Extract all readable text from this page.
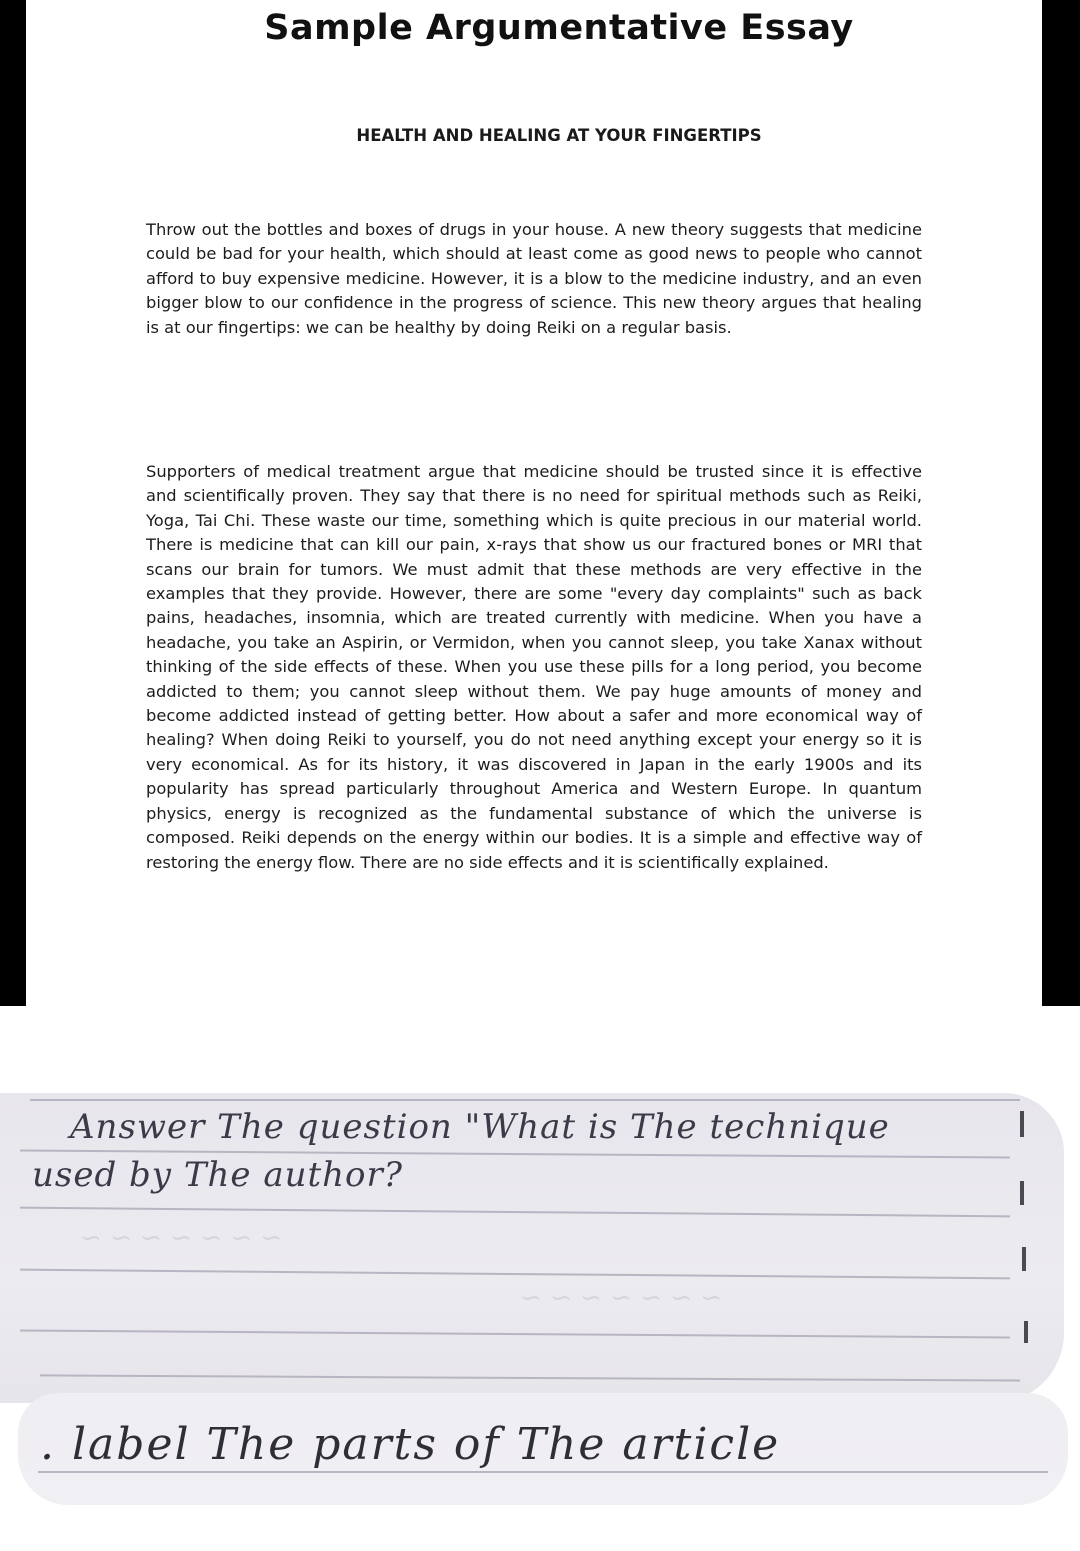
Sample Argumentative Essay
HEALTH AND HEALING AT YOUR FINGERTIPS

Throw out the bottles and boxes of drugs in your house. A new theory suggests that medicine could be bad for your health, which should at least come as good news to people who cannot afford to buy expensive medicine. However, it is a blow to the medicine industry, and an even bigger blow to our confidence in the progress of science. This new theory argues that healing is at our fingertips: we can be healthy by doing Reiki on a regular basis.

Supporters of medical treatment argue that medicine should be trusted since it is effective and scientifically proven. They say that there is no need for spiritual methods such as Reiki, Yoga, Tai Chi. These waste our time, something which is quite precious in our material world. There is medicine that can kill our pain, x-rays that show us our fractured bones or MRI that scans our brain for tumors. We must admit that these methods are very effective in the examples that they provide. However, there are some "every day complaints" such as back pains, headaches, insomnia, which are treated currently with medicine. When you have a headache, you take an Aspirin, or Vermidon, when you cannot sleep, you take Xanax without thinking of the side effects of these. When you use these pills for a long period, you become addicted to them; you cannot sleep without them. We pay huge amounts of money and become addicted instead of getting better. How about a safer and more economical way of healing? When doing Reiki to yourself, you do not need anything except your energy so it is very economical. As for its history, it was discovered in Japan in the early 1900s and its popularity has spread particularly throughout America and Western Europe. In quantum physics, energy is recognized as the fundamental substance of which the universe is composed. Reiki depends on the energy within our bodies. It is a simple and effective way of restoring the energy flow. There are no side effects and it is scientifically explained.

~ ~ ~ ~ ~ ~ ~
~ ~ ~ ~ ~ ~ ~
Answer The question "What is The technique
used by The author?
. label The parts of The article
